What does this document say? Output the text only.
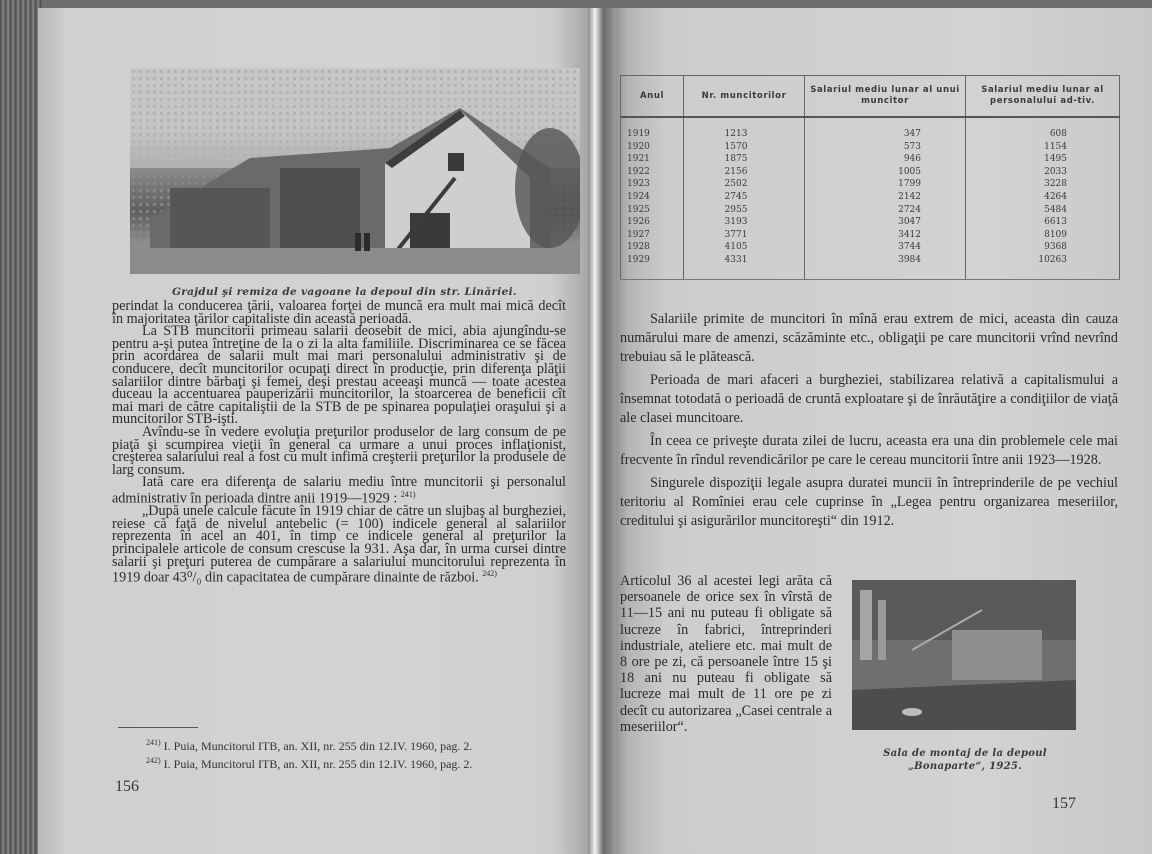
Grajdul şi remiza de vagoane la depoul din str. Linăriei.

perindat la conducerea ţării, valoarea forţei de muncă era mult mai mică decît în majoritatea ţărilor capitaliste din această perioadă.

La STB muncitorii primeau salarii deosebit de mici, abia ajungîndu-se pentru a-şi putea întreţine de la o zi la alta familiile. Discriminarea ce se făcea prin acordarea de salarii mult mai mari personalului administrativ şi de conducere, decît muncitorilor ocupaţi direct în producţie, prin diferenţa plăţii salariilor dintre bărbaţi şi femei, deşi prestau aceeaşi muncă — toate acestea duceau la accentuarea pauperizării muncitorilor, la stoarcerea de beneficii cît mai mari de către capitaliştii de la STB de pe spinarea populaţiei oraşului şi a muncitorilor STB-işti.

Avîndu-se în vedere evoluţia preţurilor produselor de larg consum de pe piaţă şi scumpirea vieţii în general ca urmare a unui proces inflaţionist, creşterea salariului real a fost cu mult infimă creşterii preţurilor la produsele de larg consum.

Iată care era diferenţa de salariu mediu între muncitorii şi personalul administrativ în perioada dintre anii 1919—1929 : $^{241)}$

„După unele calcule făcute în 1919 chiar de către un slujbaş al burgheziei, reiese că faţă de nivelul antebelic (= 100) indicele general al salariilor reprezenta în acel an 401, în timp ce indicele general al preţurilor la principalele articole de consum crescuse la 931. Aşa dar, în urma cursei dintre salarii şi preţuri puterea de cumpărare a salariului muncitorului reprezenta în 1919 doar 43⁰/₀ din capacitatea de cumpărare dinainte de război. $^{242)}$

$^{241)}$ I. Puia, Muncitorul ITB, an. XII, nr. 255 din 12.IV. 1960, pag. 2.
$^{242)}$ I. Puia, Muncitorul ITB, an. XII, nr. 255 din 12.IV. 1960, pag. 2.
156
Anul	Nr. muncitorilor	Salariul mediu lunar al unui muncitor	Salariul mediu lunar al personalului ad-tiv.
1919	1213	347	608
1920	1570	573	1154
1921	1875	946	1495
1922	2156	1005	2033
1923	2502	1799	3228
1924	2745	2142	4264
1925	2955	2724	5484
1926	3193	3047	6613
1927	3771	3412	8109
1928	4105	3744	9368
1929	4331	3984	10263

Salariile primite de muncitori în mînă erau extrem de mici, aceasta din cauza numărului mare de amenzi, scăzăminte etc., obligaţii pe care muncitorii vrînd nevrînd trebuiau să le plătească.

Perioada de mari afaceri a burgheziei, stabilizarea relativă a capitalismului a însemnat totodată o perioadă de cruntă exploatare şi de înrăutăţire a condiţiilor de viaţă ale clasei muncitoare.

În ceea ce priveşte durata zilei de lucru, aceasta era una din problemele cele mai frecvente în rîndul revendicărilor pe care le cereau muncitorii între anii 1923—1928.

Singurele dispoziţii legale asupra duratei muncii în întreprinderile de pe vechiul teritoriu al Romîniei erau cele cuprinse în „Legea pentru organizarea meseriilor, creditului şi asigurărilor muncitoreşti“ din 1912.

Articolul 36 al acestei legi arăta că persoanele de orice sex în vîrstă de 11—15 ani nu puteau fi obligate să lucreze în fabrici, întreprinderi industriale, ateliere etc. mai mult de 8 ore pe zi, că persoanele între 15 şi 18 ani nu puteau fi obligate să lucreze mai mult de 11 ore pe zi decît cu autorizarea „Casei centrale a meseriilor“.
Sala de montaj de la depoul
„Bonaparte“, 1925.
157
